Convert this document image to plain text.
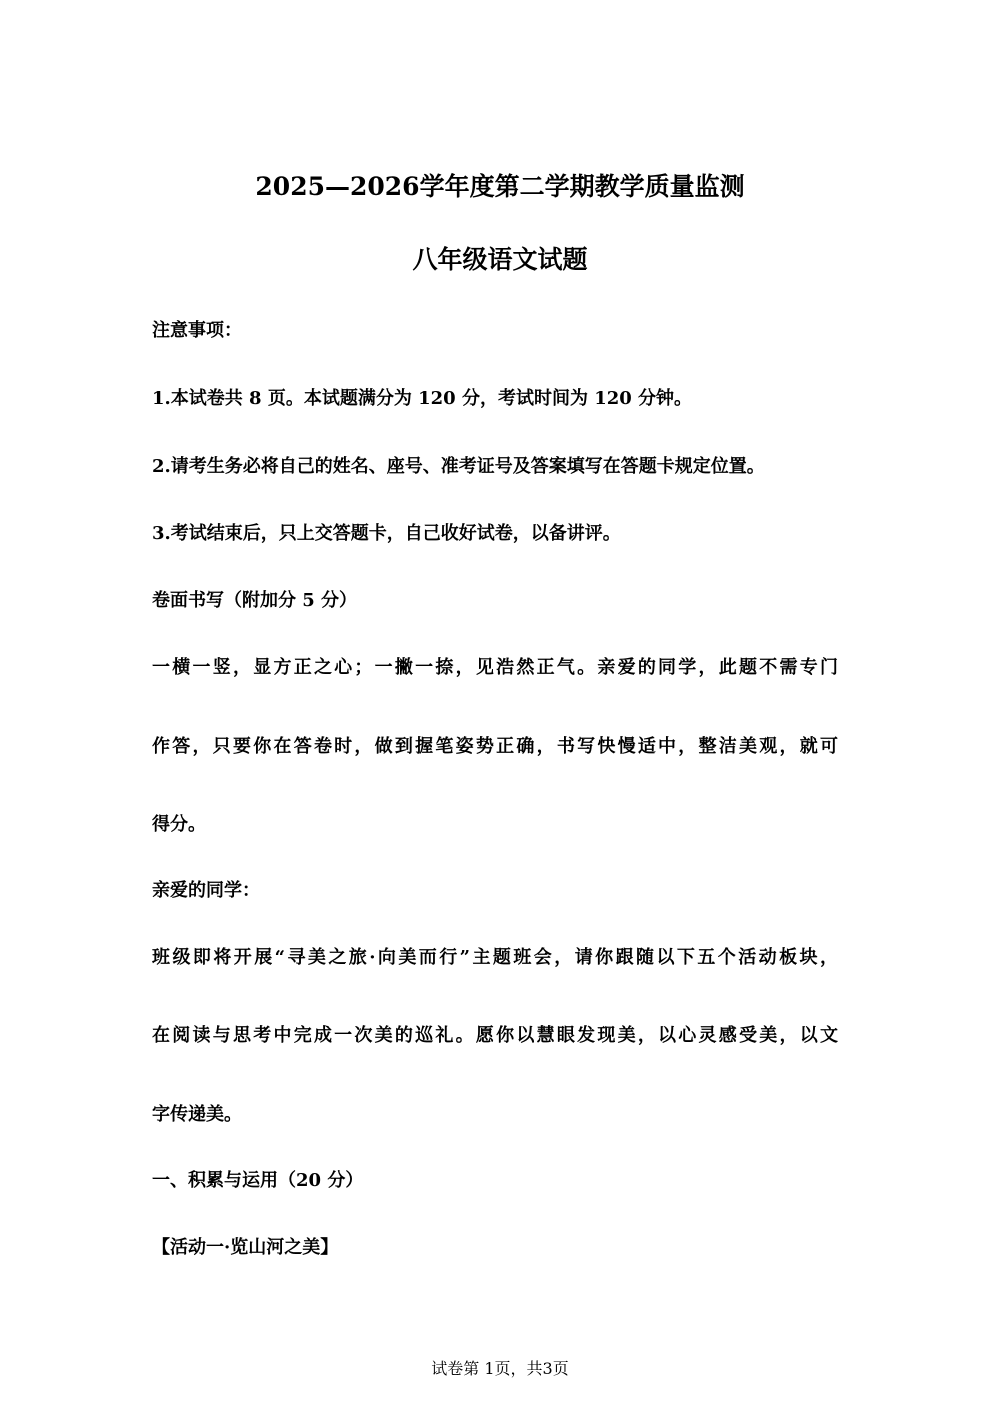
2025—2026学年度第二学期教学质量监测
八年级语文试题
注意事项：
1.本试卷共 8 页。本试题满分为 120 分，考试时间为 120 分钟。
2.请考生务必将自己的姓名、座号、准考证号及答案填写在答题卡规定位置。
3.考试结束后，只上交答题卡，自己收好试卷，以备讲评。
卷面书写（附加分 5 分）
一横一竖，显方正之心；一撇一捺，见浩然正气。亲爱的同学，此题不需专门
作答，只要你在答卷时，做到握笔姿势正确，书写快慢适中，整洁美观，就可
得分。
亲爱的同学：
班级即将开展“寻美之旅·向美而行”主题班会，请你跟随以下五个活动板块，
在阅读与思考中完成一次美的巡礼。愿你以慧眼发现美，以心灵感受美，以文
字传递美。
一、积累与运用（20 分）
【活动一·览山河之美】
试卷第 1页，共3页
